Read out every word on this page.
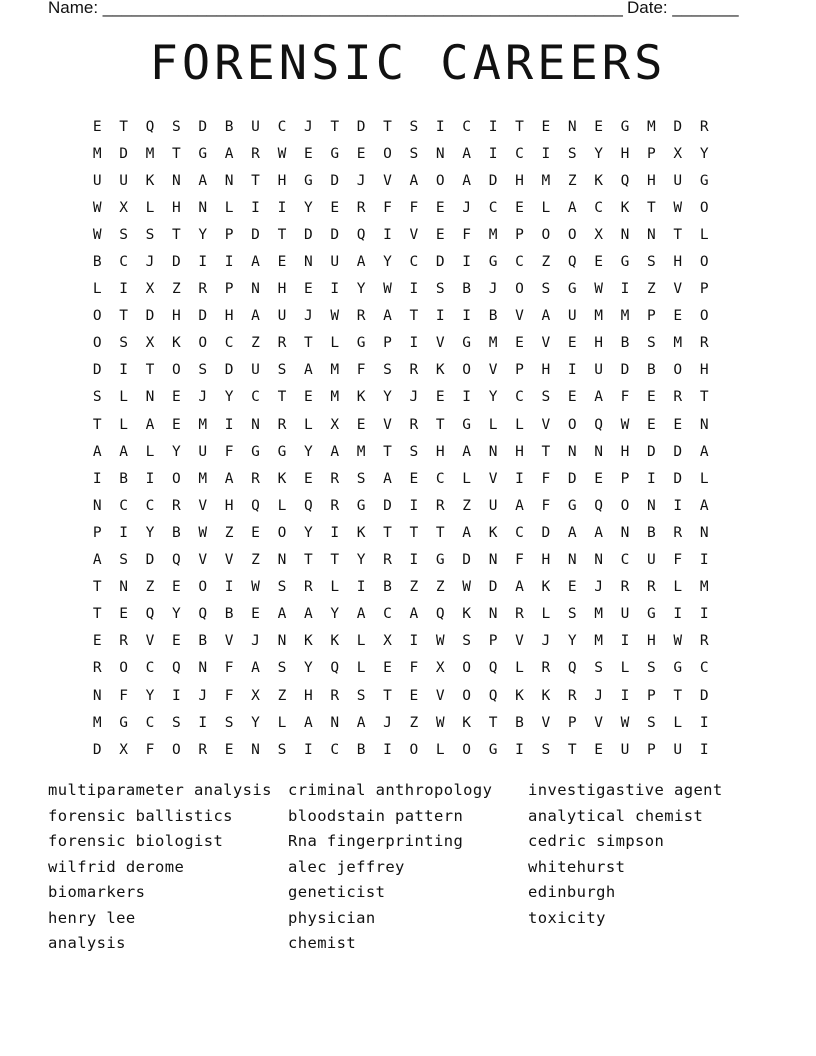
Name: _______________________________________________________ Date: _______
FORENSIC CAREERS
E	T	Q	S	D	B	U	C	J	T	D	T	S	I	C	I	T	E	N	E	G	M	D	R
M	D	M	T	G	A	R	W	E	G	E	O	S	N	A	I	C	I	S	Y	H	P	X	Y
U	U	K	N	A	N	T	H	G	D	J	V	A	O	A	D	H	M	Z	K	Q	H	U	G
W	X	L	H	N	L	I	I	Y	E	R	F	F	E	J	C	E	L	A	C	K	T	W	O
W	S	S	T	Y	P	D	T	D	D	Q	I	V	E	F	M	P	O	O	X	N	N	T	L
B	C	J	D	I	I	A	E	N	U	A	Y	C	D	I	G	C	Z	Q	E	G	S	H	O
L	I	X	Z	R	P	N	H	E	I	Y	W	I	S	B	J	O	S	G	W	I	Z	V	P
O	T	D	H	D	H	A	U	J	W	R	A	T	I	I	B	V	A	U	M	M	P	E	O
O	S	X	K	O	C	Z	R	T	L	G	P	I	V	G	M	E	V	E	H	B	S	M	R
D	I	T	O	S	D	U	S	A	M	F	S	R	K	O	V	P	H	I	U	D	B	O	H
S	L	N	E	J	Y	C	T	E	M	K	Y	J	E	I	Y	C	S	E	A	F	E	R	T
T	L	A	E	M	I	N	R	L	X	E	V	R	T	G	L	L	V	O	Q	W	E	E	N
A	A	L	Y	U	F	G	G	Y	A	M	T	S	H	A	N	H	T	N	N	H	D	D	A
I	B	I	O	M	A	R	K	E	R	S	A	E	C	L	V	I	F	D	E	P	I	D	L
N	C	C	R	V	H	Q	L	Q	R	G	D	I	R	Z	U	A	F	G	Q	O	N	I	A
P	I	Y	B	W	Z	E	O	Y	I	K	T	T	T	A	K	C	D	A	A	N	B	R	N
A	S	D	Q	V	V	Z	N	T	T	Y	R	I	G	D	N	F	H	N	N	C	U	F	I
T	N	Z	E	O	I	W	S	R	L	I	B	Z	Z	W	D	A	K	E	J	R	R	L	M
T	E	Q	Y	Q	B	E	A	A	Y	A	C	A	Q	K	N	R	L	S	M	U	G	I	I
E	R	V	E	B	V	J	N	K	K	L	X	I	W	S	P	V	J	Y	M	I	H	W	R
R	O	C	Q	N	F	A	S	Y	Q	L	E	F	X	O	Q	L	R	Q	S	L	S	G	C
N	F	Y	I	J	F	X	Z	H	R	S	T	E	V	O	Q	K	K	R	J	I	P	T	D
M	G	C	S	I	S	Y	L	A	N	A	J	Z	W	K	T	B	V	P	V	W	S	L	I
D	X	F	O	R	E	N	S	I	C	B	I	O	L	O	G	I	S	T	E	U	P	U	I
multiparameter analysis
forensic ballistics
forensic biologist
wilfrid derome
biomarkers
henry lee
analysis
criminal anthropology
bloodstain pattern
Rna fingerprinting
alec jeffrey
geneticist
physician
chemist
investigastive agent
analytical chemist
cedric simpson
whitehurst
edinburgh
toxicity
